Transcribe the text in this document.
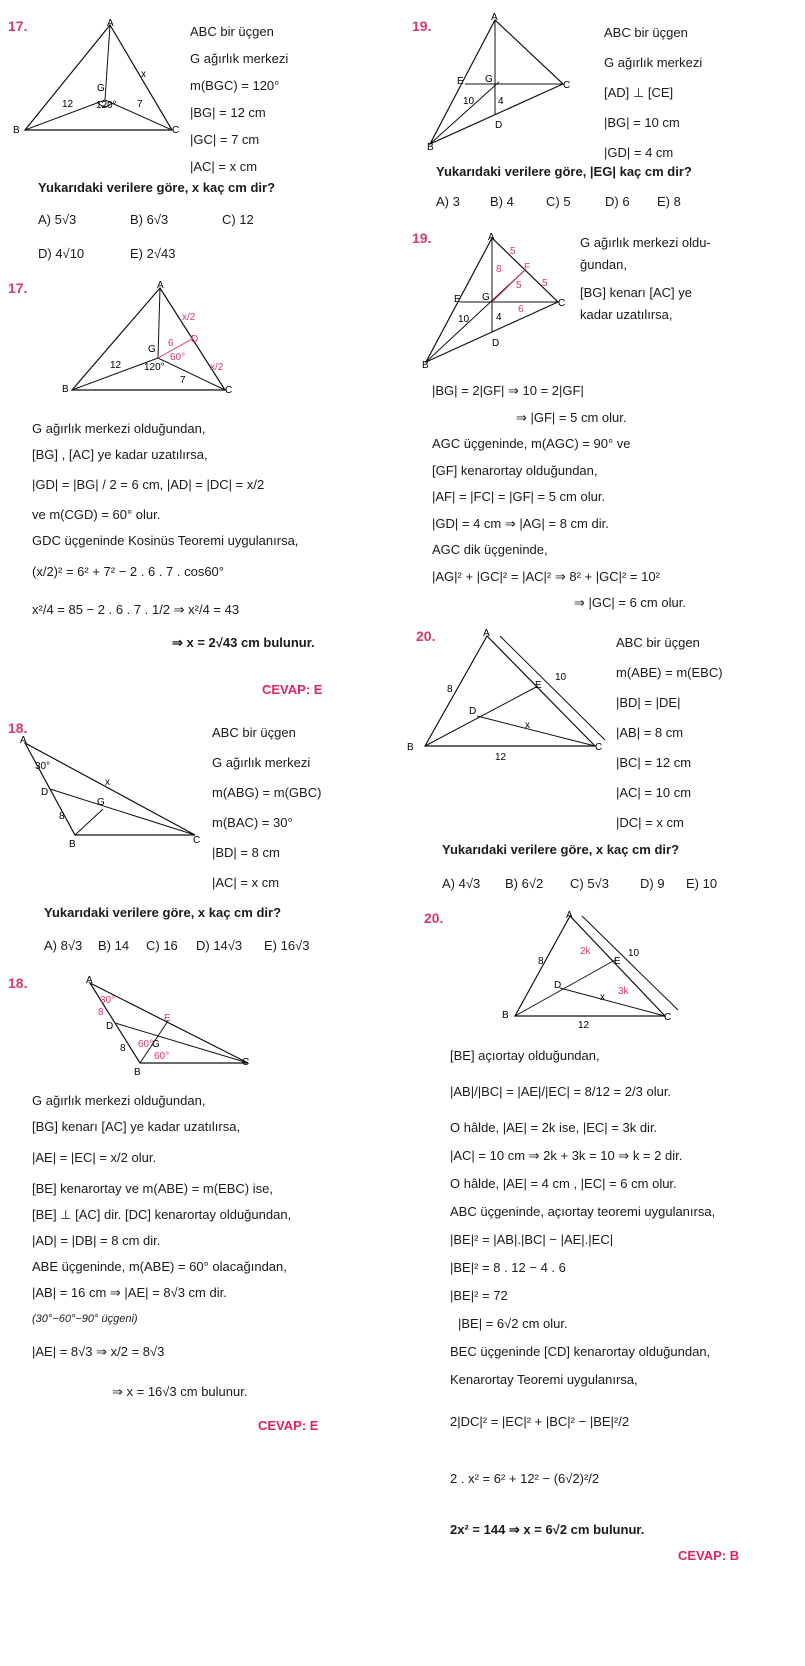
17.	A
B	C
G
120°
12	7
x
ABC bir üçgen
G ağırlık merkezi
m(BGC) = 120°
|BG| = 12 cm
|GC| = 7 cm
|AC| = x cm
Yukarıdaki verilere göre, x kaç cm dir?
A) 5√3	B) 6√3	C) 12
D) 4√10	E) 2√43
17.	A
B	C
G
60°
120°
12
7
6 D
x/2
x/2
G ağırlık merkezi olduğundan,
[BG] , [AC] ye kadar uzatılırsa,
|GD| = |BG| / 2 = 6 cm, |AD| = |DC| = x/2
ve m(CGD) = 60° olur.
GDC üçgeninde Kosinüs Teoremi uygulanırsa,
(x/2)² = 6² + 7² − 2 . 6 . 7 . cos60°
x²/4 = 85 − 2 . 6 . 7 . 1/2 ⇒ x²/4 = 43
⇒ x = 2√43 cm bulunur.
CEVAP: E
18.
A
B	C
D
G
30°
8
x
ABC bir üçgen
G ağırlık merkezi
m(ABG) = m(GBC)
m(BAC) = 30°
|BD| = 8 cm
|AC| = x cm
Yukarıdaki verilere göre, x kaç cm dir?
A) 8√3 B) 14 C) 16 D) 14√3 E) 16√3
18.	A
B
C
D
G
E
30°
8
8 60°
60°
G ağırlık merkezi olduğundan,
[BG] kenarı [AC] ye kadar uzatılırsa,
|AE| = |EC| = x/2 olur.
[BE] kenarortay ve m(ABE) = m(EBC) ise,
[BE] ⊥ [AC] dir. [DC] kenarortay olduğundan,
|AD| = |DB| = 8 cm dir.
ABE üçgeninde, m(ABE) = 60° olacağından,
|AB| = 16 cm ⇒ |AE| = 8√3 cm dir.
(30°−60°−90° üçgeni)
|AE| = 8√3 ⇒ x/2 = 8√3
⇒ x = 16√3 cm bulunur.
CEVAP: E
19.
A
B
C
E G
D
10 4
ABC bir üçgen
G ağırlık merkezi
[AD] ⊥ [CE]
|BG| = 10 cm
|GD| = 4 cm
Yukarıdaki verilere göre, |EG| kaç cm dir?
A) 3 B) 4 C) 5	D) 6 E) 8
19.	A
B
C
E G
D
F
10	4
5
8
5 5
6
G ağırlık merkezi oldu-
ğundan,
[BG] kenarı [AC] ye
kadar uzatılırsa,
|BG| = 2|GF| ⇒ 10 = 2|GF|
⇒ |GF| = 5 cm olur.
AGC üçgeninde, m(AGC) = 90° ve
[GF] kenarortay olduğundan,
|AF| = |FC| = |GF| = 5 cm olur.
|GD| = 4 cm ⇒ |AG| = 8 cm dir.
AGC dik üçgeninde,
|AG|² + |GC|² = |AC|² ⇒ 8² + |GC|² = 10²
⇒ |GC| = 6 cm olur.
20.	A
B	C
E
D
8
10
x
12
ABC bir üçgen
m(ABE) = m(EBC)
|BD| = |DE|
|AB| = 8 cm
|BC| = 12 cm
|AC| = 10 cm
|DC| = x cm
Yukarıdaki verilere göre, x kaç cm dir?
A) 4√3 B) 6√2 C) 5√3 D) 9 E) 10
20.	A
B	C
E
D
8
10
x
12
2k
3k
[BE] açıortay olduğundan,
|AB|/|BC| = |AE|/|EC| = 8/12 = 2/3 olur.
O hâlde, |AE| = 2k ise, |EC| = 3k dir.
|AC| = 10 cm ⇒ 2k + 3k = 10 ⇒ k = 2 dir.
O hâlde, |AE| = 4 cm , |EC| = 6 cm olur.
ABC üçgeninde, açıortay teoremi uygulanırsa,
|BE|² = |AB|.|BC| − |AE|.|EC|
|BE|² = 8 . 12 − 4 . 6
|BE|² = 72
|BE| = 6√2 cm olur.
BEC üçgeninde [CD] kenarortay olduğundan,
Kenarortay Teoremi uygulanırsa,
2|DC|² = |EC|² + |BC|² − |BE|²/2
2 . x² = 6² + 12² − (6√2)²/2
2x² = 144 ⇒ x = 6√2 cm bulunur.
CEVAP: B
